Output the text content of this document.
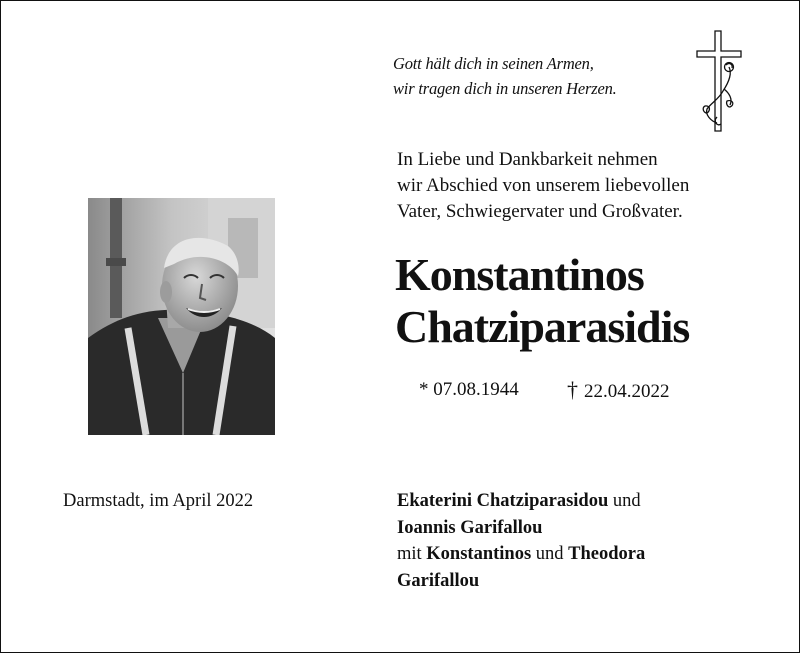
Gott hält dich in seinen Armen,
wir tragen dich in unseren Herzen.
In Liebe und Dankbarkeit nehmen
wir Abschied von unserem liebevollen
Vater, Schwiegervater und Großvater.
Konstantinos
Chatziparasidis
* 07.08.1944 † 22.04.2022
Darmstadt, im April 2022	Ekaterini Chatziparasidou und
Ioannis Garifallou
mit Konstantinos und Theodora
Garifallou
